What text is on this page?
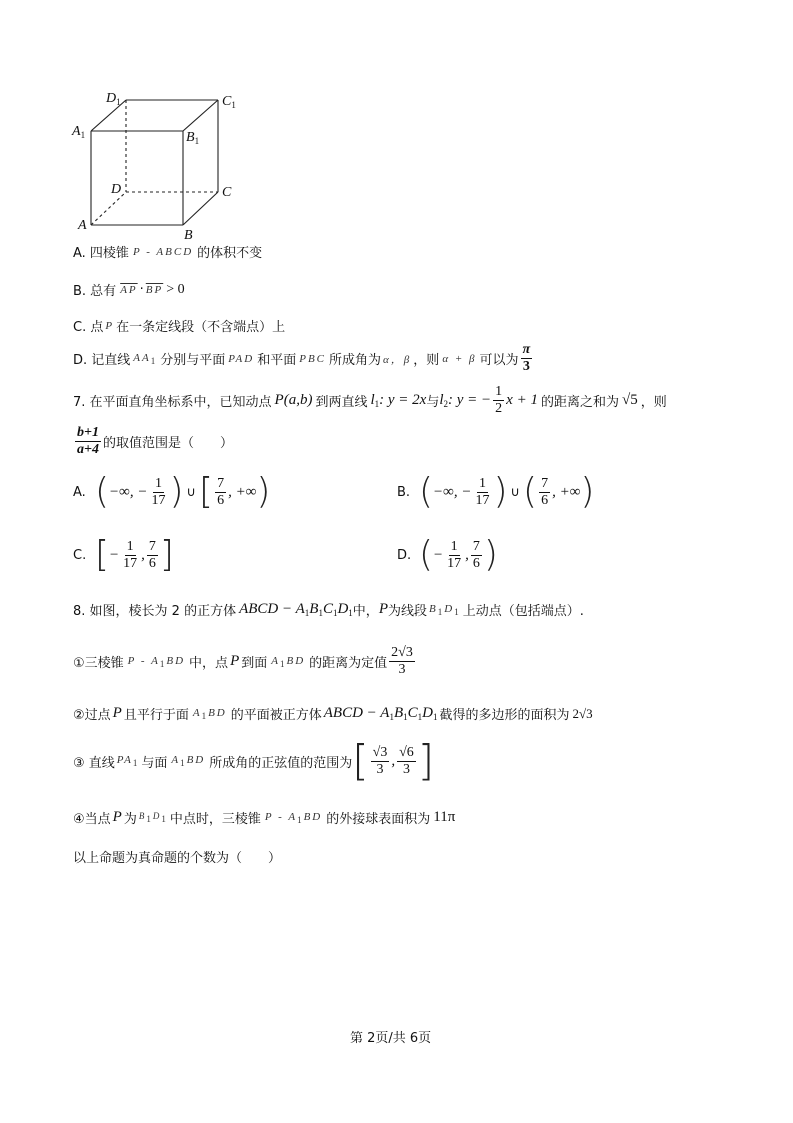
$D_1$	$C_1$
$A_1$	$B_1$
D	C
A
B
A. 四棱锥 P - ABCD 的体积不变
B. 总有 $\overline{AP} \cdot \overline{BP} > 0$
C. 点 P 在一条定线段（不含端点）上
D. 记直线 $AA_1$ 分别与平面 PAD 和平面 PBC 所成角为 α，β ，则 α + β 可以为 $\frac{\pi}{3}$
7. 在平面直角坐标系中，已知动点 P(a,b) 到两直线 $l_1$ : y = 2x 与 $l_2$ : y = − $\frac{1}{2}$ x + 1 的距离之和为 √5 ，则
$\frac{b+1}{a+4}$ 的取值范围是（　　）
A. ( −∞, − $\frac{1}{17}$ ) ∪ [ $\frac{7}{6}$ , +∞ )	B. ( −∞, − $\frac{1}{17}$ ) ∪ ( $\frac{7}{6}$ , +∞ )
C. [ − $\frac{1}{17}$ , $\frac{7}{6}$ ]	D. ( − $\frac{1}{17}$ , $\frac{7}{6}$ )
8. 如图，棱长为 2 的正方体 ABCD − $A_1B_1C_1D_1$ 中， P 为线段 $B_1D_1$ 上动点（包括端点）.
①三棱锥 P - $A_1BD$ 中，点 P 到面 $A_1BD$ 的距离为定值 $\frac{2√3}{3}$
②过点 P 且平行于面 $A_1BD$ 的平面被正方体 ABCD − $A_1B_1C_1D_1$ 截得的多边形的面积为 2√3
③ 直线 $PA_1$ 与面 $A_1BD$ 所成角的正弦值的范围为 [ $\frac{√3}{3}$ , $\frac{√6}{3}$ ]
④当点 P 为 $B_1D_1$ 中点时，三棱锥 P - $A_1BD$ 的外接球表面积为 11π
以上命题为真命题的个数为（　　）
第 2页/共 6页
